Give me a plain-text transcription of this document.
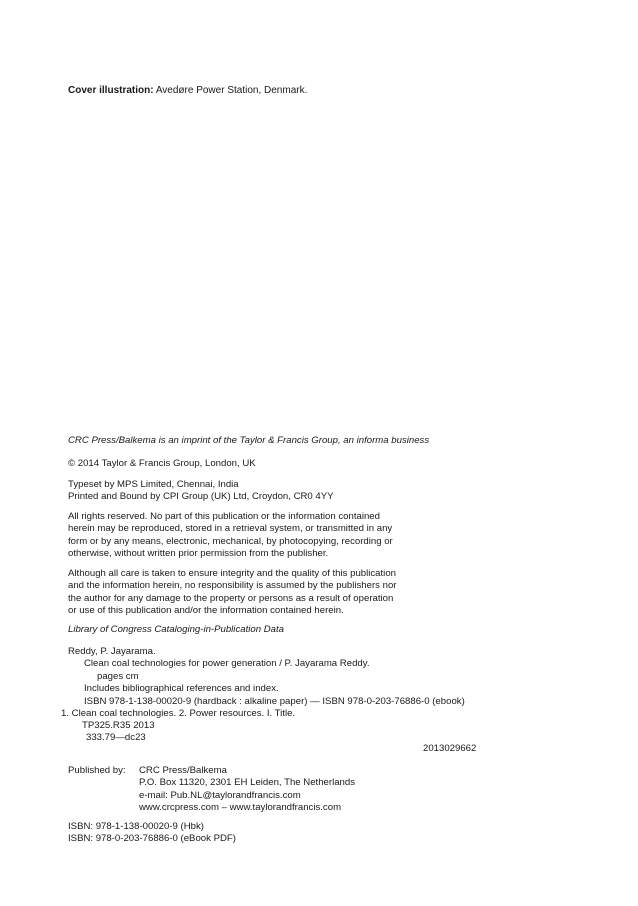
Cover illustration: Avedøre Power Station, Denmark.
CRC Press/Balkema is an imprint of the Taylor & Francis Group, an informa business
© 2014 Taylor & Francis Group, London, UK
Typeset by MPS Limited, Chennai, India
Printed and Bound by CPI Group (UK) Ltd, Croydon, CR0 4YY
All rights reserved. No part of this publication or the information contained
herein may be reproduced, stored in a retrieval system, or transmitted in any
form or by any means, electronic, mechanical, by photocopying, recording or
otherwise, without written prior permission from the publisher.
Although all care is taken to ensure integrity and the quality of this publication
and the information herein, no responsibility is assumed by the publishers nor
the author for any damage to the property or persons as a result of operation
or use of this publication and/or the information contained herein.
Library of Congress Cataloging-in-Publication Data
Reddy, P. Jayarama.
Clean coal technologies for power generation / P. Jayarama Reddy.
pages cm
Includes bibliographical references and index.
ISBN 978-1-138-00020-9 (hardback : alkaline paper) — ISBN 978-0-203-76886-0 (ebook)
1. Clean coal technologies. 2. Power resources. I. Title.
TP325.R35 2013
333.79—dc23
2013029662
Published by:	CRC Press/Balkema
P.O. Box 11320, 2301 EH Leiden, The Netherlands
e-mail: Pub.NL@taylorandfrancis.com
www.crcpress.com – www.taylorandfrancis.com
ISBN: 978-1-138-00020-9 (Hbk)
ISBN: 978-0-203-76886-0 (eBook PDF)
